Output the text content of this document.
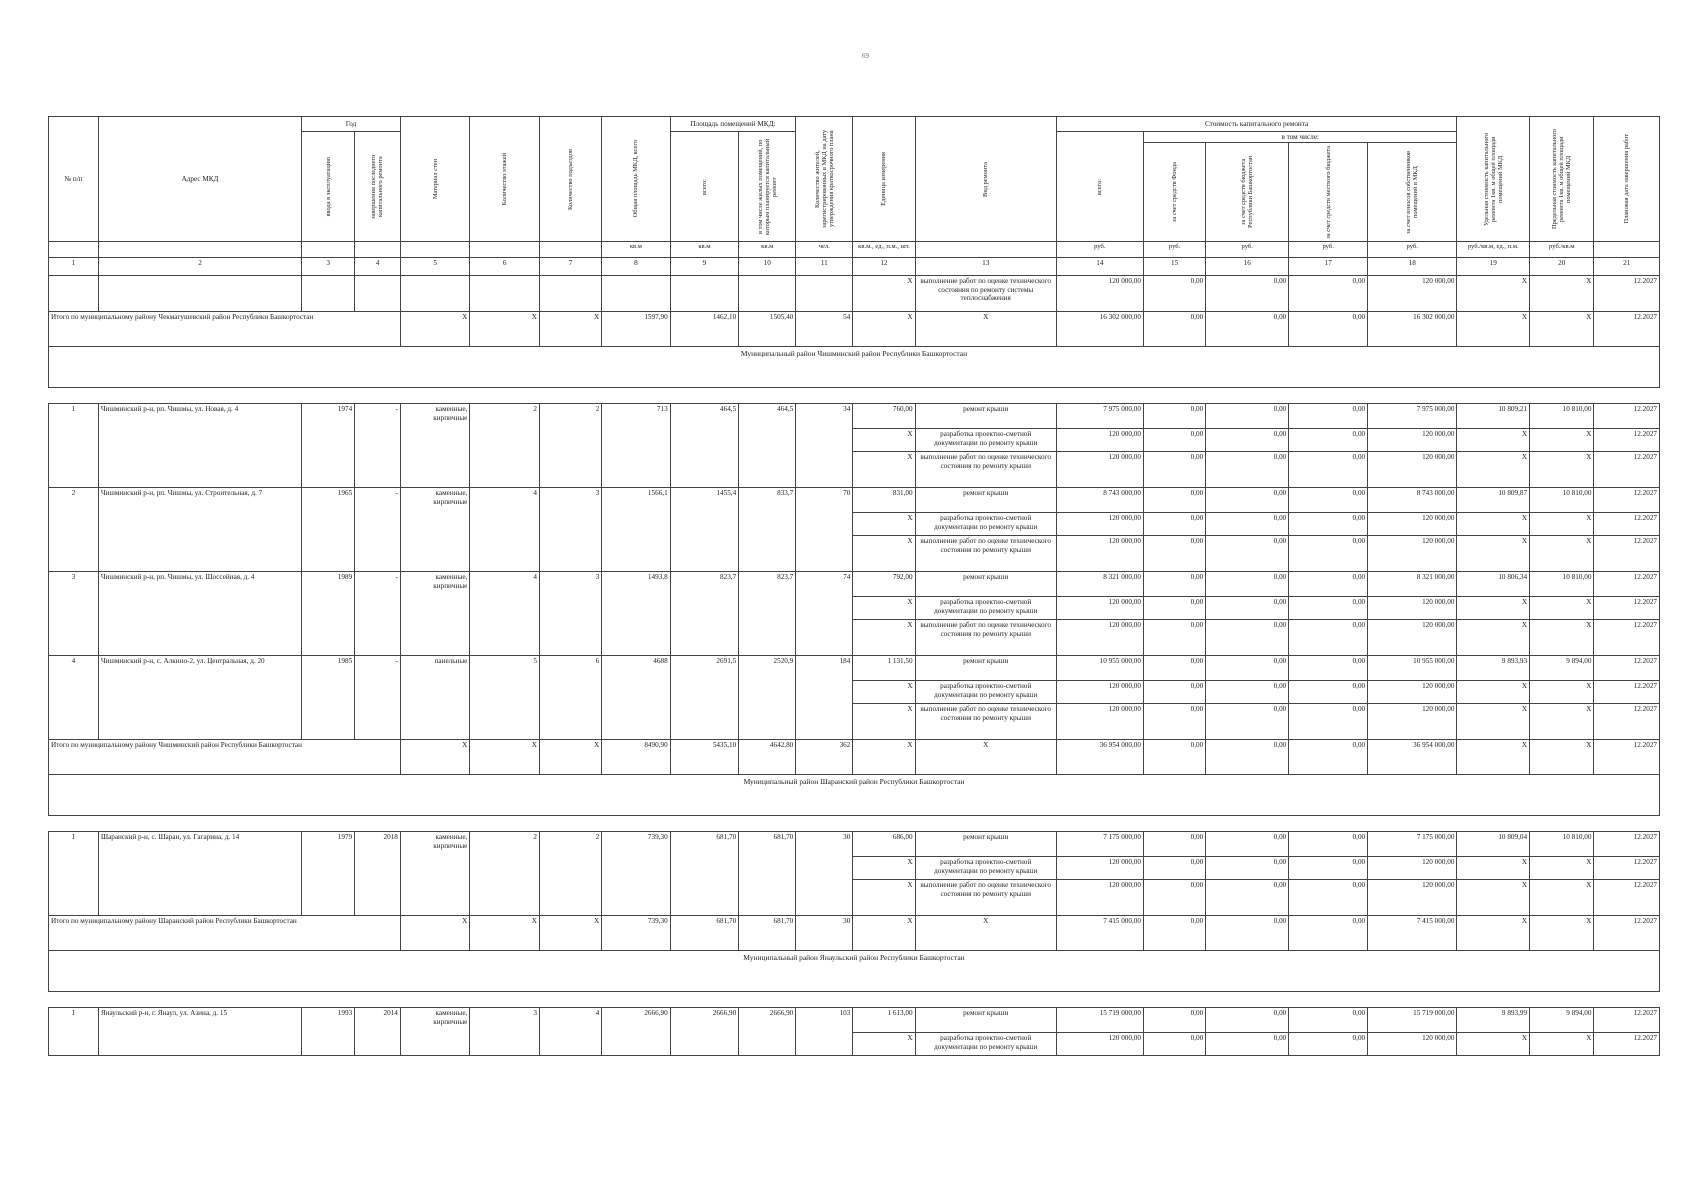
69
№ п/п	Адрес МКД	Год		Материал стен	Количество этажей	Количество подъездов	Общая площадь МКД, всего	Площадь помещений МКД:		Количество жителей, зарегистрированных в МКД на дату утверждения краткосрочного плана	Единица измерения	Вид ремонта	Стоимость капитального ремонта					Удельная стоимость капитального ремонта 1кв. м общей площади помещений МКД	Предельная стоимость капитального ремонта 1кв. м общей площади помещений МКД	Плановая дата завершения работ

		ввода в эксплуатацию	завершения последнего капитального ремонта					всего:	в том числе жилых помещений, по которым планируется капитальный ремонт				всего:	в том числе:						

														за счет средств Фонда	за счет средств бюджета Республики Башкортостан	за счет средств местного бюджета	за счет взносов собственников помещений в МКД			

							кв.м	кв.м	кв.м	чел.	кв.м., ед., п.м., шт.		руб.	руб.	руб.	руб.	руб.	руб./кв.м, ед., п.м.	руб./кв.м	
1	2	3	4	5	6	7	8	9	10	11	12	13	14	15	16	17	18	19	20	21
											X	выполнение работ по оценке технического состояния по ремонту системы теплоснабжения	120 000,00	0,00	0,00	0,00	120 000,00	X	X	12.2027
Итого по муниципальному району Чекмагушевский район Республики Башкортостан				X	X	X	1597,90	1462,10	1505,40	54	X	X	16 302 000,00	0,00	0,00	0,00	16 302 000,00	X	X	12.2027
Муниципальный район Чишминский район Республики Башкортостан																				

1	Чишминский р-н, рп. Чишмы, ул. Новая, д. 4	1974	-	каменные, кирпичные	2	2	713	464,5	464,5	34	760,00	ремонт крыши	7 975 000,00	0,00	0,00	0,00	7 975 000,00	10 809,21	10 810,00	12.2027
											X	разработка проектно-сметной документации по ремонту крыши	120 000,00	0,00	0,00	0,00	120 000,00	X	X	12.2027
											X	выполнение работ по оценке технического состояния по ремонту крыши	120 000,00	0,00	0,00	0,00	120 000,00	X	X	12.2027
2	Чишминский р-н, рп. Чишмы, ул. Строительная, д. 7	1965	-	каменные, кирпичные	4	3	1566,1	1455,4	833,7	70	831,00	ремонт крыши	8 743 000,00	0,00	0,00	0,00	8 743 000,00	10 809,87	10 810,00	12.2027
											X	разработка проектно-сметной документации по ремонту крыши	120 000,00	0,00	0,00	0,00	120 000,00	X	X	12.2027
											X	выполнение работ по оценке технического состояния по ремонту крыши	120 000,00	0,00	0,00	0,00	120 000,00	X	X	12.2027
3	Чишминский р-н, рп. Чишмы, ул. Шоссейная, д. 4	1989	-	каменные, кирпичные	4	3	1493,8	823,7	823,7	74	792,00	ремонт крыши	8 321 000,00	0,00	0,00	0,00	8 321 000,00	10 806,34	10 810,00	12.2027
											X	разработка проектно-сметной документации по ремонту крыши	120 000,00	0,00	0,00	0,00	120 000,00	X	X	12.2027
											X	выполнение работ по оценке технического состояния по ремонту крыши	120 000,00	0,00	0,00	0,00	120 000,00	X	X	12.2027
4	Чишминский р-н, с. Алкино-2, ул. Центральная, д. 20	1985	-	панельные	5	6	4688	2691,5	2520,9	184	1 131,50	ремонт крыши	10 955 000,00	0,00	0,00	0,00	10 955 000,00	9 893,93	9 894,00	12.2027
											X	разработка проектно-сметной документации по ремонту крыши	120 000,00	0,00	0,00	0,00	120 000,00	X	X	12.2027
											X	выполнение работ по оценке технического состояния по ремонту крыши	120 000,00	0,00	0,00	0,00	120 000,00	X	X	12.2027
Итого по муниципальному району Чишминский район Республики Башкортостан				X	X	X	8490,90	5435,10	4642,80	362	X	X	36 954 000,00	0,00	0,00	0,00	36 954 000,00	X	X	12.2027
Муниципальный район Шаранский район Республики Башкортостан																				

1	Шаранский р-н, с. Шаран, ул. Гагарина, д. 14	1979	2018	каменные, кирпичные	2	2	739,30	681,70	681,70	30	686,00	ремонт крыши	7 175 000,00	0,00	0,00	0,00	7 175 000,00	10 809,04	10 810,00	12.2027
											X	разработка проектно-сметной документации по ремонту крыши	120 000,00	0,00	0,00	0,00	120 000,00	X	X	12.2027
											X	выполнение работ по оценке технического состояния по ремонту крыши	120 000,00	0,00	0,00	0,00	120 000,00	X	X	12.2027
Итого по муниципальному району Шаранский район Республики Башкортостан				X	X	X	739,30	681,70	681,70	30	X	X	7 415 000,00	0,00	0,00	0,00	7 415 000,00	X	X	12.2027
Муниципальный район Янаульский район Республики Башкортостан																				

1	Янаульский р-н, г. Янаул, ул. Азина, д. 15	1993	2014	каменные, кирпичные	3	4	2666,90	2666,90	2666,90	103	1 613,00	ремонт крыши	15 719 000,00	0,00	0,00	0,00	15 719 000,00	9 893,99	9 894,00	12.2027
											X	разработка проектно-сметной документации по ремонту крыши	120 000,00	0,00	0,00	0,00	120 000,00	X	X	12.2027
